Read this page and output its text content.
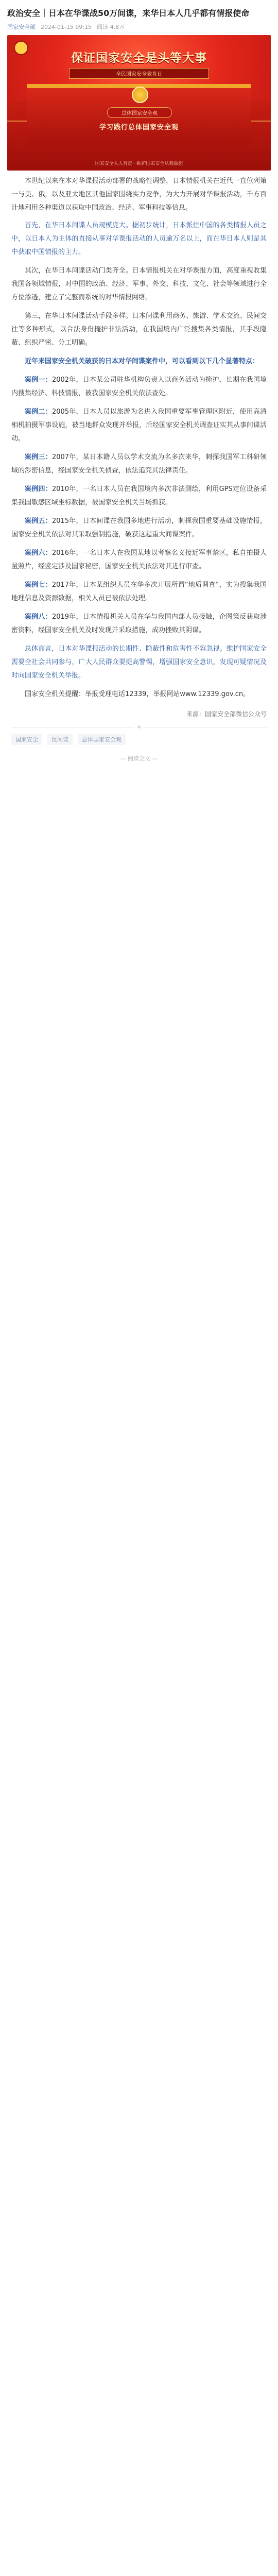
政治安全｜日本在华谍战50万间谍，来华日本人几乎都有情报使命
国家安全部 2024-01-15 09:15 阅读 4.8万
保证国家安全是头等大事
全民国家安全教育日
总体国家安全观
学习践行总体国家安全观
国家安全人人有责 · 维护国家安全从我做起

本世纪以来在本对华谍报活动部署的战略性调整，日本情报机关在近代一直位列第一与美、俄，以及亚太地区其他国家围绕实力竞争，为大力开展对华谍报活动，千方百计地利用各种渠道以获取中国政治、经济、军事科技等信息。

首先，在华日本间谍人员规模庞大。据初步统计，日本派往中国的各类情报人员之中，以日本人为主体的直接从事对华谍报活动的人员逾万名以上，而在华日本人则是其中获取中国情报的主力。

其次，在华日本间谍活动门类齐全。日本情报机关在对华谍报方面，高度重视收集我国各领域情报，对中国的政治、经济、军事、外交、科技、文化、社会等领域进行全方位渗透，建立了完整而系统的对华情报网络。

第三，在华日本间谍活动手段多样。日本间谍利用商务、旅游、学术交流、民间交往等多种形式，以合法身份掩护非法活动，在我国境内广泛搜集各类情报，其手段隐蔽、组织严密、分工明确。

近年来国家安全机关破获的日本对华间谍案件中，可以看到以下几个显著特点：

案例一：2002年，日本某公司驻华机构负责人以商务活动为掩护，长期在我国境内搜集经济、科技情报，被我国家安全机关依法查处。

案例二：2005年，日本人员以旅游为名进入我国重要军事管理区附近，使用高清相机拍摄军事设施，被当地群众发现并举报，后经国家安全机关调查证实其从事间谍活动。

案例三：2007年，某日本籍人员以学术交流为名多次来华，刺探我国军工科研领域的涉密信息，经国家安全机关侦查，依法追究其法律责任。

案例四：2010年，一名日本人员在我国境内多次非法测绘，利用GPS定位设备采集我国敏感区域坐标数据，被国家安全机关当场抓获。

案例五：2015年，日本间谍在我国多地进行活动，刺探我国重要基础设施情报，国家安全机关依法对其采取强制措施，破获这起重大间谍案件。

案例六：2016年，一名日本人在我国某地以考察名义接近军事禁区，私自拍摄大量照片，经鉴定涉及国家秘密，国家安全机关依法对其进行审查。

案例七：2017年，日本某组织人员在华多次开展所谓“地质调查”，实为搜集我国地理信息及资源数据，相关人员已被依法处理。

案例八：2019年，日本情报机关人员在华与我国内部人员接触，企图策反获取涉密资料，经国家安全机关及时发现并采取措施，成功挫败其阴谋。

总体而言，日本对华谍报活动的长期性、隐蔽性和危害性不容忽视。维护国家安全需要全社会共同参与，广大人民群众要提高警惕，增强国家安全意识，发现可疑情况及时向国家安全机关举报。

国家安全机关提醒：举报受理电话12339，举报网站www.12339.gov.cn。

来源：国家安全部微信公众号
国家安全	反间谍	总体国家安全观
— 阅读全文 —
